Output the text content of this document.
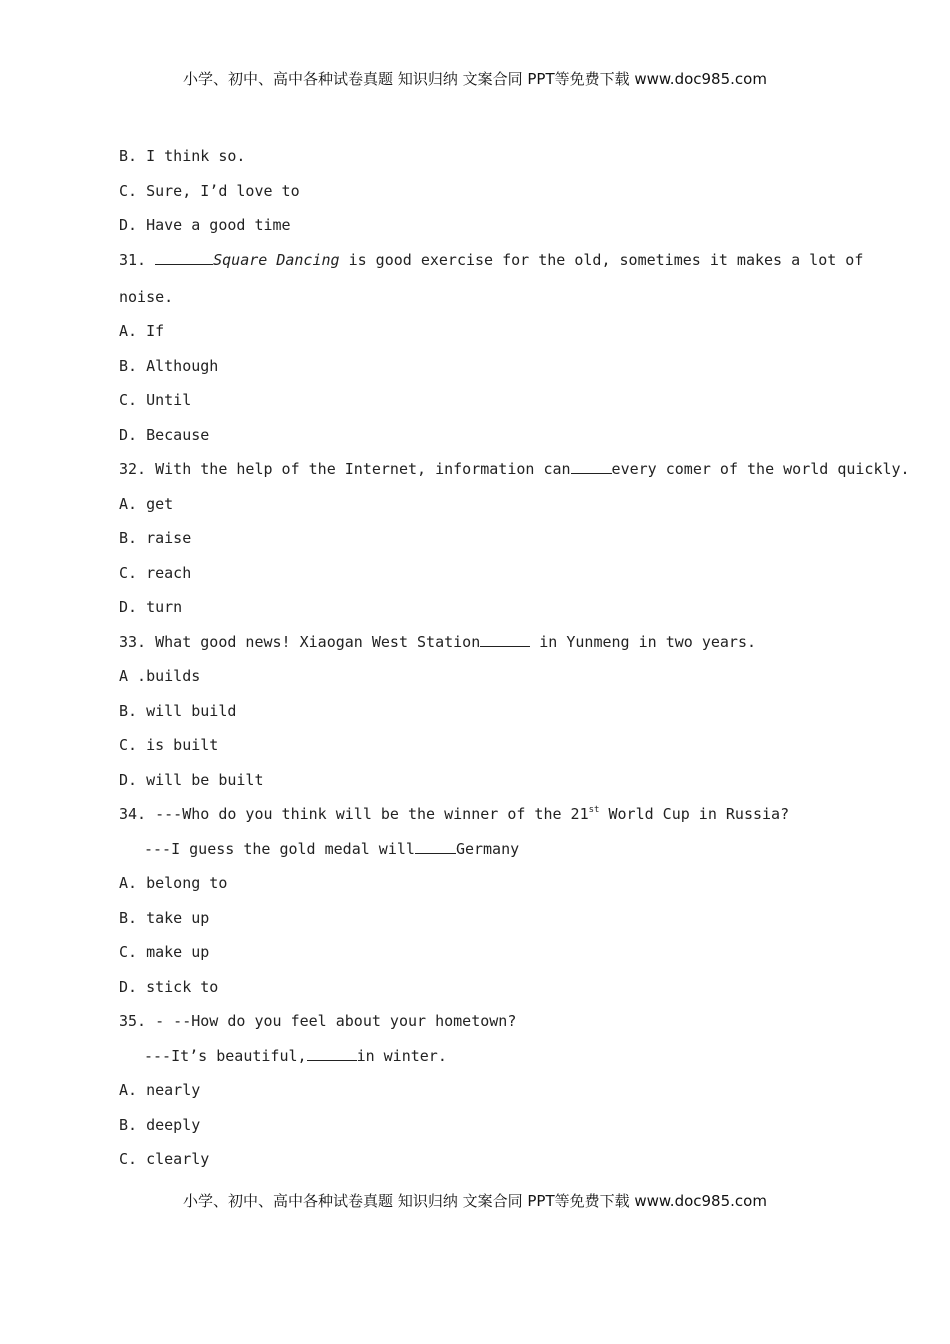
小学、初中、高中各种试卷真题 知识归纳 文案合同 PPT等免费下载 www.doc985.com
B. I think so.
C. Sure, I’d love to
D. Have a good time
31.	Square Dancing is good exercise for the old, sometimes it makes a lot of
noise.
A. If
B. Although
C. Until
D. Because
32. With the help of the Internet, information can	every comer of the world quickly.
A. get
B. raise
C. reach
D. turn
33. What good news! Xiaogan West Station	in Yunmeng in two years.
A .builds
B. will build
C. is built
D. will be built
34. ---Who do you think will be the winner of the 21st World Cup in Russia?
---I guess the gold medal will	Germany
A. belong to
B. take up
C. make up
D. stick to
35. - --How do you feel about your hometown?
---It’s beautiful,	in winter.
A. nearly
B. deeply
C. clearly
小学、初中、高中各种试卷真题 知识归纳 文案合同 PPT等免费下载 www.doc985.com
